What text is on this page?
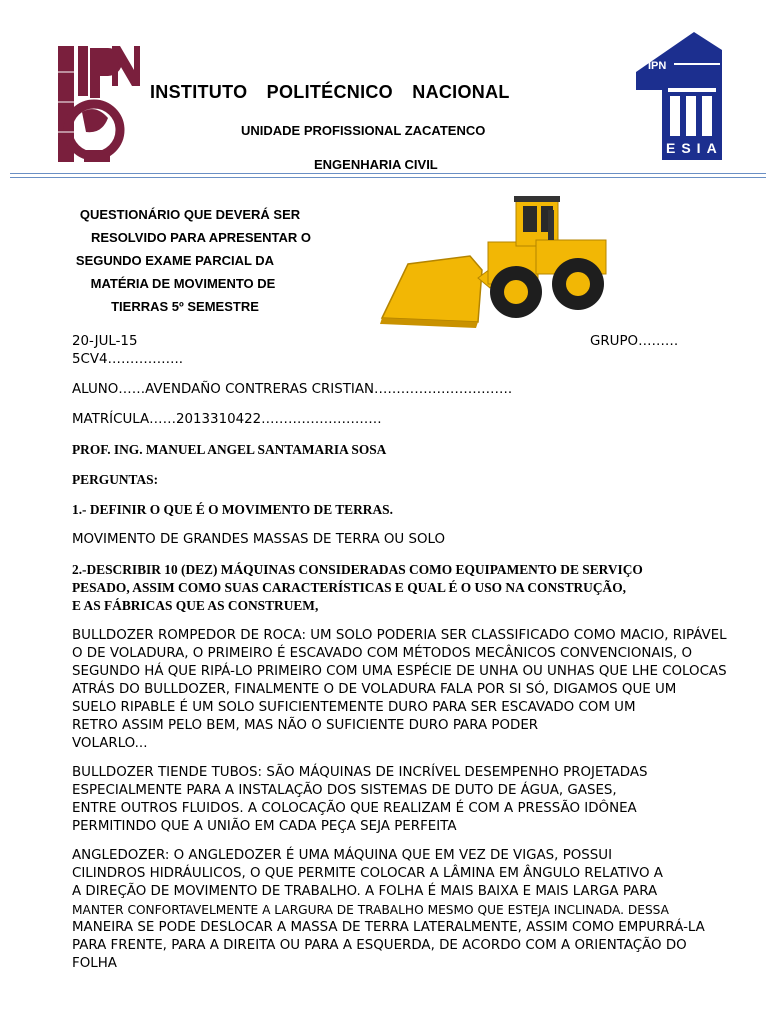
IPN
ESIA
INSTITUTO POLITÉCNICO NACIONAL
UNIDADE PROFISSIONAL ZACATENCO
ENGENHARIA CIVIL
QUESTIONÁRIO QUE DEVERÁ SER
RESOLVIDO PARA APRESENTAR O
SEGUNDO EXAME PARCIAL DA
MATÉRIA DE MOVIMENTO DE
TIERRAS 5º SEMESTRE
20-JUL-15	GRUPO………
5CV4……………..
ALUNO……AVENDAÑO CONTRERAS CRISTIAN………………………….
MATRÍCULA……2013310422………………………
PROF. ING. MANUEL ANGEL SANTAMARIA SOSA
PERGUNTAS:
1.- DEFINIR O QUE É O MOVIMENTO DE TERRAS.
MOVIMENTO DE GRANDES MASSAS DE TERRA OU SOLO
2.-DESCRIBIR 10 (DEZ) MÁQUINAS CONSIDERADAS COMO EQUIPAMENTO DE SERVIÇO
PESADO, ASSIM COMO SUAS CARACTERÍSTICAS E QUAL É O USO NA CONSTRUÇÃO,
E AS FÁBRICAS QUE AS CONSTRUEM,
BULLDOZER ROMPEDOR DE ROCA: UM SOLO PODERIA SER CLASSIFICADO COMO MACIO, RIPÁVEL
O DE VOLADURA, O PRIMEIRO É ESCAVADO COM MÉTODOS MECÂNICOS CONVENCIONAIS, O
SEGUNDO HÁ QUE RIPÁ-LO PRIMEIRO COM UMA ESPÉCIE DE UNHA OU UNHAS QUE LHE COLOCAS
ATRÁS DO BULLDOZER, FINALMENTE O DE VOLADURA FALA POR SI SÓ, DIGAMOS QUE UM
SUELO RIPABLE É UM SOLO SUFICIENTEMENTE DURO PARA SER ESCAVADO COM UM
RETRO ASSIM PELO BEM, MAS NÃO O SUFICIENTE DURO PARA PODER
VOLARLO...
BULLDOZER TIENDE TUBOS: SÃO MÁQUINAS DE INCRÍVEL DESEMPENHO PROJETADAS
ESPECIALMENTE PARA A INSTALAÇÃO DOS SISTEMAS DE DUTO DE ÁGUA, GASES,
ENTRE OUTROS FLUIDOS. A COLOCAÇÃO QUE REALIZAM É COM A PRESSÃO IDÔNEA
PERMITINDO QUE A UNIÃO EM CADA PEÇA SEJA PERFEITA
ANGLEDOZER: O ANGLEDOZER É UMA MÁQUINA QUE EM VEZ DE VIGAS, POSSUI
CILINDROS HIDRÁULICOS, O QUE PERMITE COLOCAR A LÂMINA EM ÂNGULO RELATIVO A
A DIREÇÃO DE MOVIMENTO DE TRABALHO. A FOLHA É MAIS BAIXA E MAIS LARGA PARA
MANTER CONFORTAVELMENTE A LARGURA DE TRABALHO MESMO QUE ESTEJA INCLINADA. DESSA
MANEIRA SE PODE DESLOCAR A MASSA DE TERRA LATERALMENTE, ASSIM COMO EMPURRÁ-LA
PARA FRENTE, PARA A DIREITA OU PARA A ESQUERDA, DE ACORDO COM A ORIENTAÇÃO DO
FOLHA
